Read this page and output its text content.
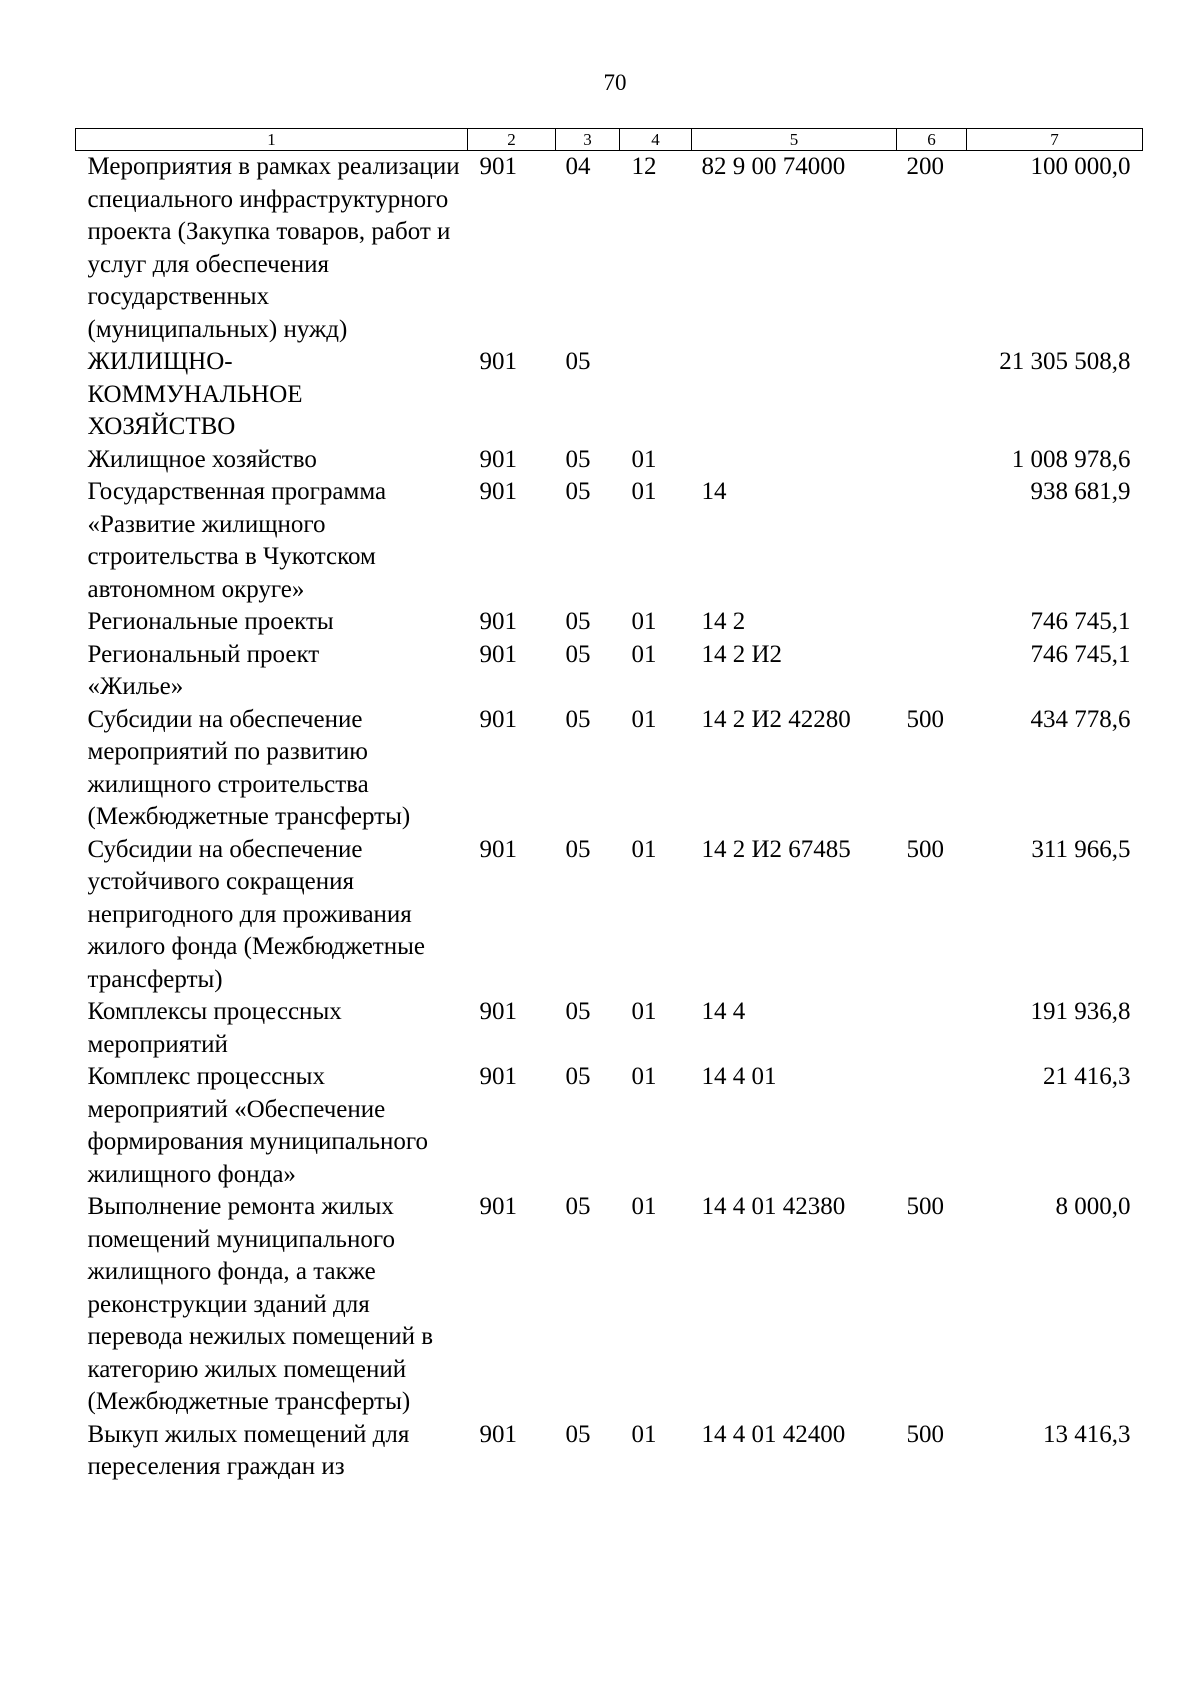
70
1	2	3	4	5	6	7
Мероприятия в рамках реализации специального инфраструктурного проекта (Закупка товаров, работ и услуг для обеспечения государственных (муниципальных) нужд)	901	04	12	82 9 00 74000	200	100 000,0
ЖИЛИЩНО-КОММУНАЛЬНОЕ ХОЗЯЙСТВО	901	05				21 305 508,8
Жилищное хозяйство	901	05	01			1 008 978,6
Государственная программа «Развитие жилищного строительства в Чукотском автономном округе»	901	05	01	14		938 681,9
Региональные проекты	901	05	01	14 2		746 745,1
Региональный проект «Жилье»	901	05	01	14 2 И2		746 745,1
Субсидии на обеспечение мероприятий по развитию жилищного строительства (Межбюджетные трансферты)	901	05	01	14 2 И2 42280	500	434 778,6
Субсидии на обеспечение устойчивого сокращения непригодного для проживания жилого фонда (Межбюджетные трансферты)	901	05	01	14 2 И2 67485	500	311 966,5
Комплексы процессных мероприятий	901	05	01	14 4		191 936,8
Комплекс процессных мероприятий «Обеспечение формирования муниципального жилищного фонда»	901	05	01	14 4 01		21 416,3
Выполнение ремонта жилых помещений муниципального жилищного фонда, а также реконструкции зданий для перевода нежилых помещений в категорию жилых помещений (Межбюджетные трансферты)	901	05	01	14 4 01 42380	500	8 000,0
Выкуп жилых помещений для переселения граждан из	901	05	01	14 4 01 42400	500	13 416,3
